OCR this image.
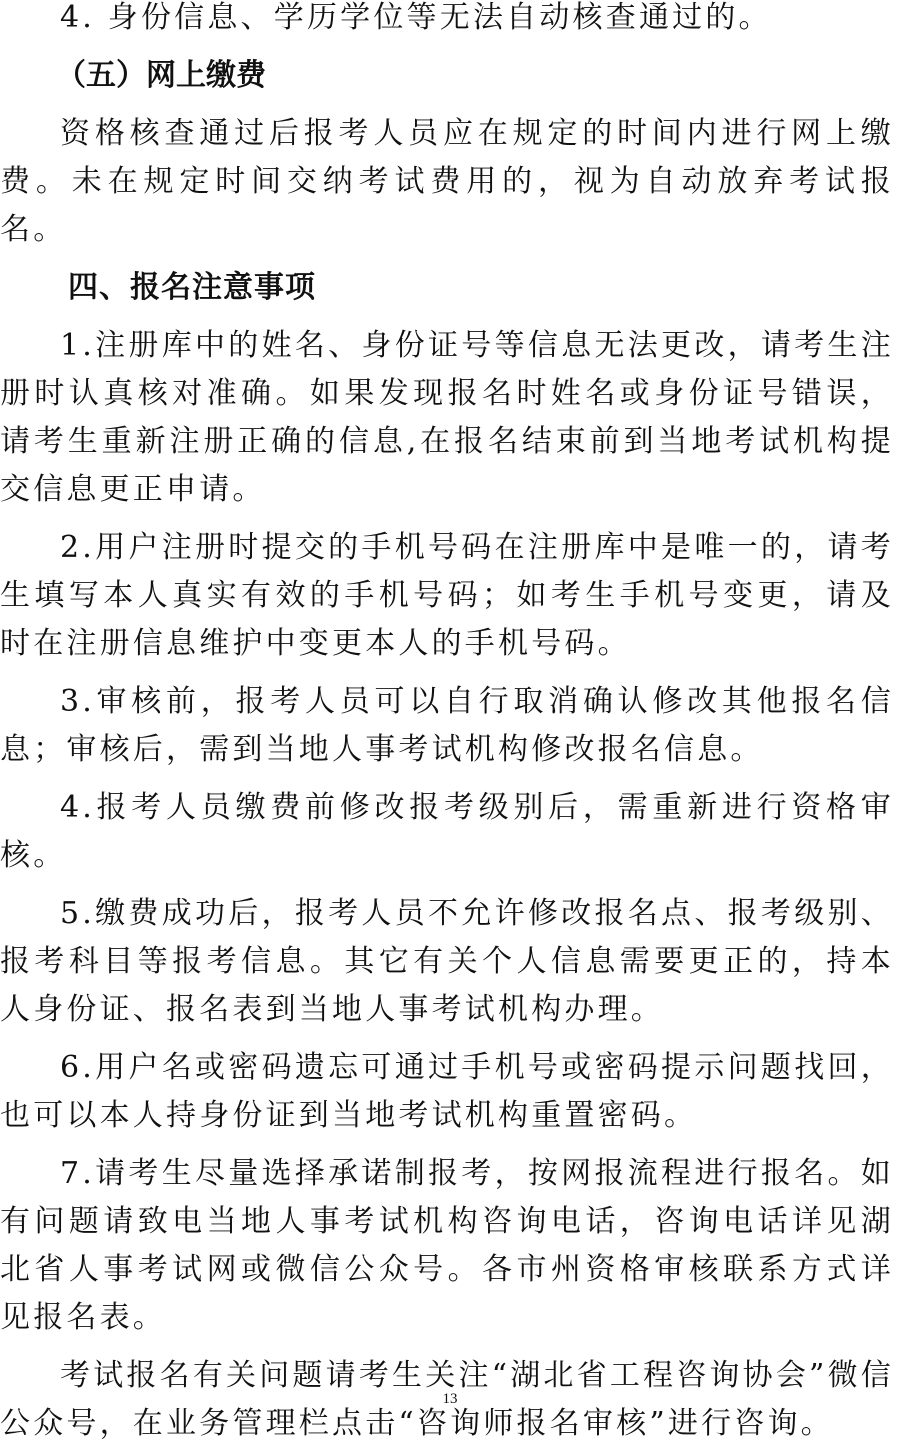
4. 身份信息、学历学位等无法自动核查通过的。

（五）网上缴费

资格核查通过后报考人员应在规定的时间内进行网上缴费。未在规定时间交纳考试费用的，视为自动放弃考试报名。

四、报名注意事项

1.注册库中的姓名、身份证号等信息无法更改，请考生注册时认真核对准确。如果发现报名时姓名或身份证号错误，请考生重新注册正确的信息,在报名结束前到当地考试机构提交信息更正申请。

2.用户注册时提交的手机号码在注册库中是唯一的，请考生填写本人真实有效的手机号码；如考生手机号变更，请及时在注册信息维护中变更本人的手机号码。

3.审核前，报考人员可以自行取消确认修改其他报名信息；审核后，需到当地人事考试机构修改报名信息。

4.报考人员缴费前修改报考级别后，需重新进行资格审核。

5.缴费成功后，报考人员不允许修改报名点、报考级别、报考科目等报考信息。其它有关个人信息需要更正的，持本人身份证、报名表到当地人事考试机构办理。

6.用户名或密码遗忘可通过手机号或密码提示问题找回，也可以本人持身份证到当地考试机构重置密码。

7.请考生尽量选择承诺制报考，按网报流程进行报名。如有问题请致电当地人事考试机构咨询电话，咨询电话详见湖北省人事考试网或微信公众号。各市州资格审核联系方式详见报名表。

考试报名有关问题请考生关注“湖北省工程咨询协会”微信公众号，在业务管理栏点击“咨询师报名审核”进行咨询。

13
